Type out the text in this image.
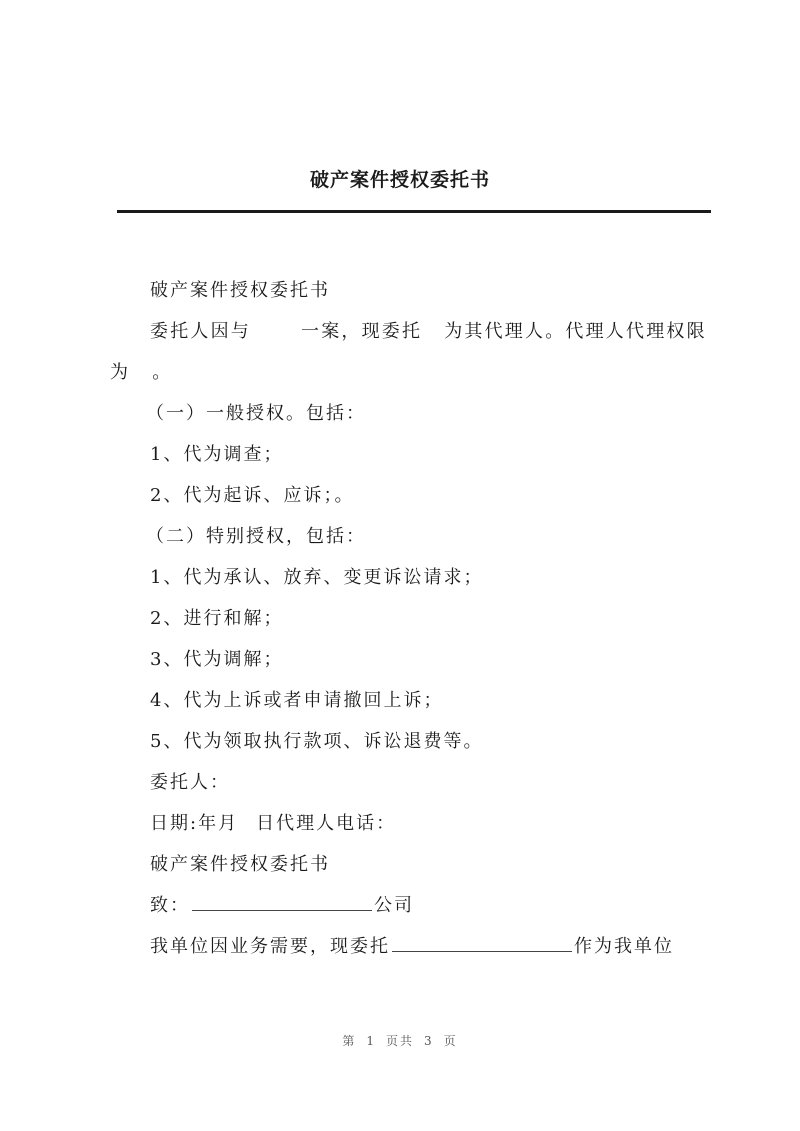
破产案件授权委托书
破产案件授权委托书
委托人因与	一案，现委托 为其代理人。代理人代理权限为 。
（一）一般授权。包括：
1、代为调查；
2、代为起诉、应诉；。
（二）特别授权，包括：
1、代为承认、放弃、变更诉讼请求；
2、进行和解；
3、代为调解；
4、代为上诉或者申请撤回上诉；
5、代为领取执行款项、诉讼退费等。
委托人：
日期:年月 日代理人电话：
破产案件授权委托书
致：	公司
我单位因业务需要，现委托	作为我单位
第 1 页共 3 页
